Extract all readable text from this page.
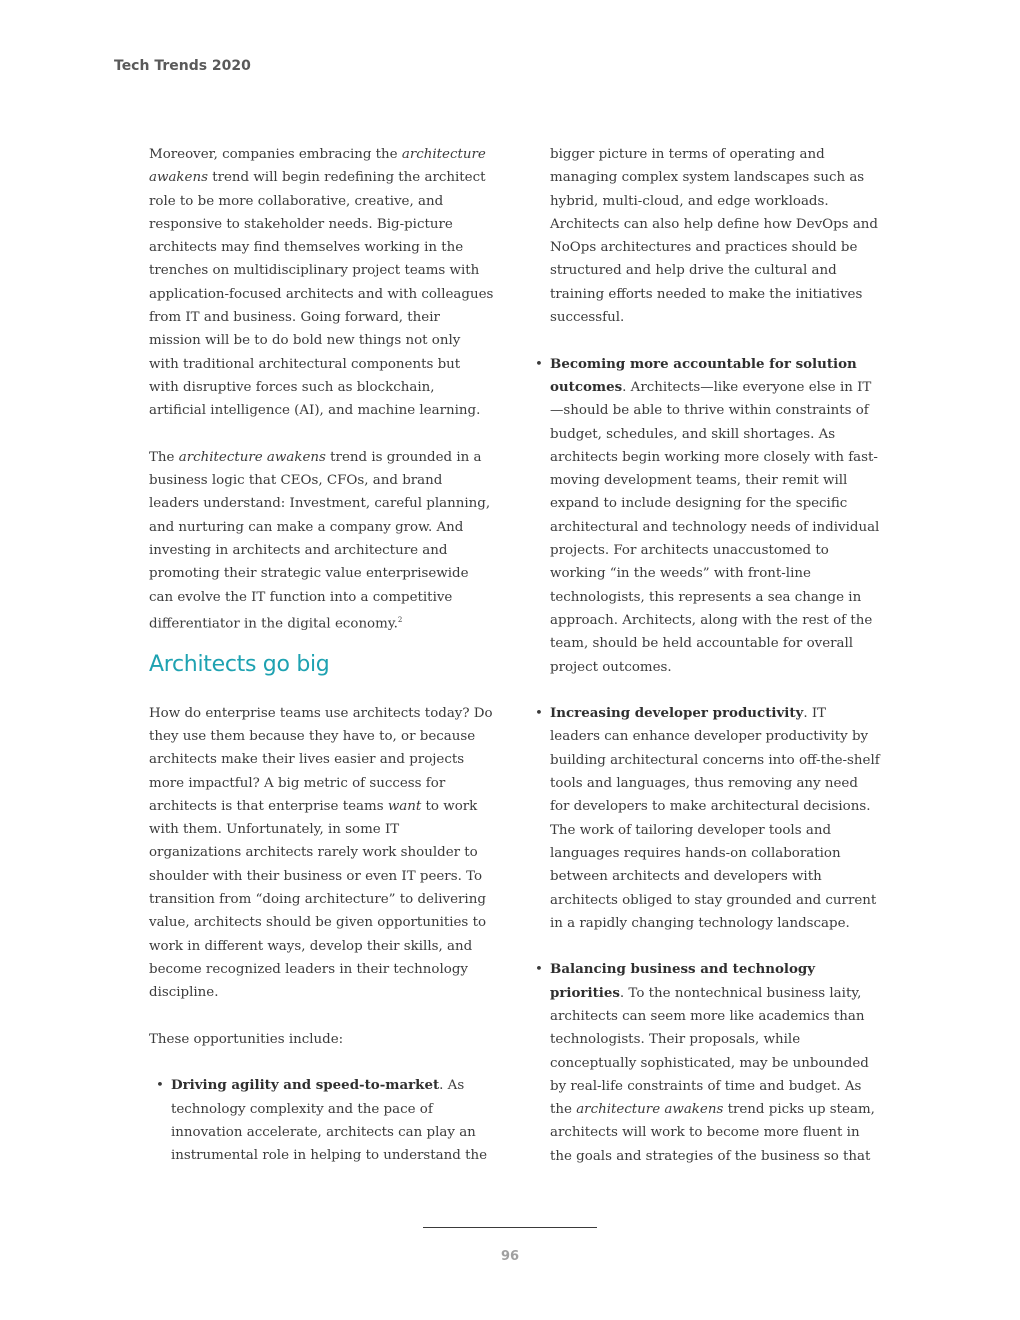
Tech Trends 2020

Moreover, companies embracing the architecture awakens trend will begin redefining the architect role to be more collaborative, creative, and responsive to stakeholder needs. Big-picture architects may find themselves working in the trenches on multidisciplinary project teams with application-focused architects and with colleagues from IT and business. Going forward, their mission will be to do bold new things not only with traditional architectural components but with disruptive forces such as blockchain, artificial intelligence (AI), and machine learning.

The architecture awakens trend is grounded in a business logic that CEOs, CFOs, and brand leaders understand: Investment, careful planning, and nurturing can make a company grow. And investing in architects and architecture and promoting their strategic value enterprisewide can evolve the IT function into a competitive differentiator in the digital economy.$^2$

Architects go big

How do enterprise teams use architects today? Do they use them because they have to, or because architects make their lives easier and projects more impactful? A big metric of success for architects is that enterprise teams want to work with them. Unfortunately, in some IT organizations architects rarely work shoulder to shoulder with their business or even IT peers. To transition from “doing architecture” to delivering value, architects should be given opportunities to work in different ways, develop their skills, and become recognized leaders in their technology discipline.

These opportunities include:

• Driving agility and speed-to-market. As technology complexity and the pace of innovation accelerate, architects can play an instrumental role in helping to understand the

bigger picture in terms of operating and managing complex system landscapes such as hybrid, multi-cloud, and edge workloads. Architects can also help define how DevOps and NoOps architectures and practices should be structured and help drive the cultural and training efforts needed to make the initiatives successful.

• Becoming more accountable for solution outcomes. Architects—like everyone else in IT—should be able to thrive within constraints of budget, schedules, and skill shortages. As architects begin working more closely with fast-moving development teams, their remit will expand to include designing for the specific architectural and technology needs of individual projects. For architects unaccustomed to working “in the weeds” with front-line technologists, this represents a sea change in approach. Architects, along with the rest of the team, should be held accountable for overall project outcomes.
• Increasing developer productivity. IT leaders can enhance developer productivity by building architectural concerns into off-the-shelf tools and languages, thus removing any need for developers to make architectural decisions. The work of tailoring developer tools and languages requires hands-on collaboration between architects and developers with architects obliged to stay grounded and current in a rapidly changing technology landscape.
• Balancing business and technology priorities. To the nontechnical business laity, architects can seem more like academics than technologists. Their proposals, while conceptually sophisticated, may be unbounded by real-life constraints of time and budget. As the architecture awakens trend picks up steam, architects will work to become more fluent in the goals and strategies of the business so that
96
